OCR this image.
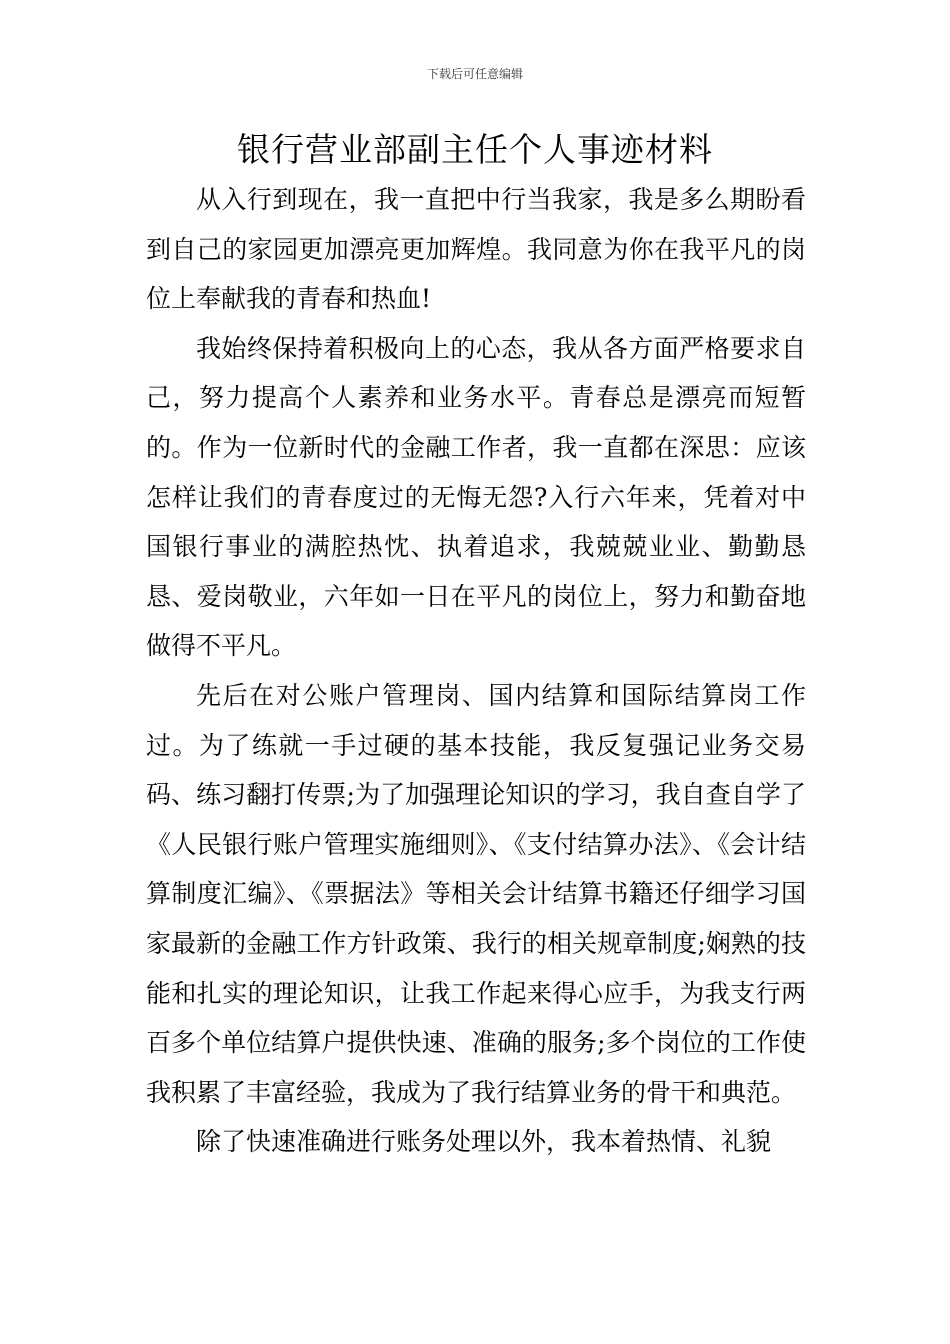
下载后可任意编辑
银行营业部副主任个人事迹材料

从入行到现在，我一直把中行当我家，我是多么期盼看到自己的家园更加漂亮更加辉煌。我同意为你在我平凡的岗位上奉献我的青春和热血!

我始终保持着积极向上的心态，我从各方面严格要求自己，努力提高个人素养和业务水平。青春总是漂亮而短暂的。作为一位新时代的金融工作者，我一直都在深思：应该怎样让我们的青春度过的无悔无怨?入行六年来，凭着对中国银行事业的满腔热忱、执着追求，我兢兢业业、勤勤恳恳、爱岗敬业，六年如一日在平凡的岗位上，努力和勤奋地做得不平凡。

先后在对公账户管理岗、国内结算和国际结算岗工作过。为了练就一手过硬的基本技能，我反复强记业务交易码、练习翻打传票;为了加强理论知识的学习，我自查自学了《人民银行账户管理实施细则》、《支付结算办法》、《会计结算制度汇编》、《票据法》等相关会计结算书籍还仔细学习国家最新的金融工作方针政策、我行的相关规章制度;娴熟的技能和扎实的理论知识，让我工作起来得心应手，为我支行两百多个单位结算户提供快速、准确的服务;多个岗位的工作使我积累了丰富经验，我成为了我行结算业务的骨干和典范。

除了快速准确进行账务处理以外，我本着热情、礼貌
